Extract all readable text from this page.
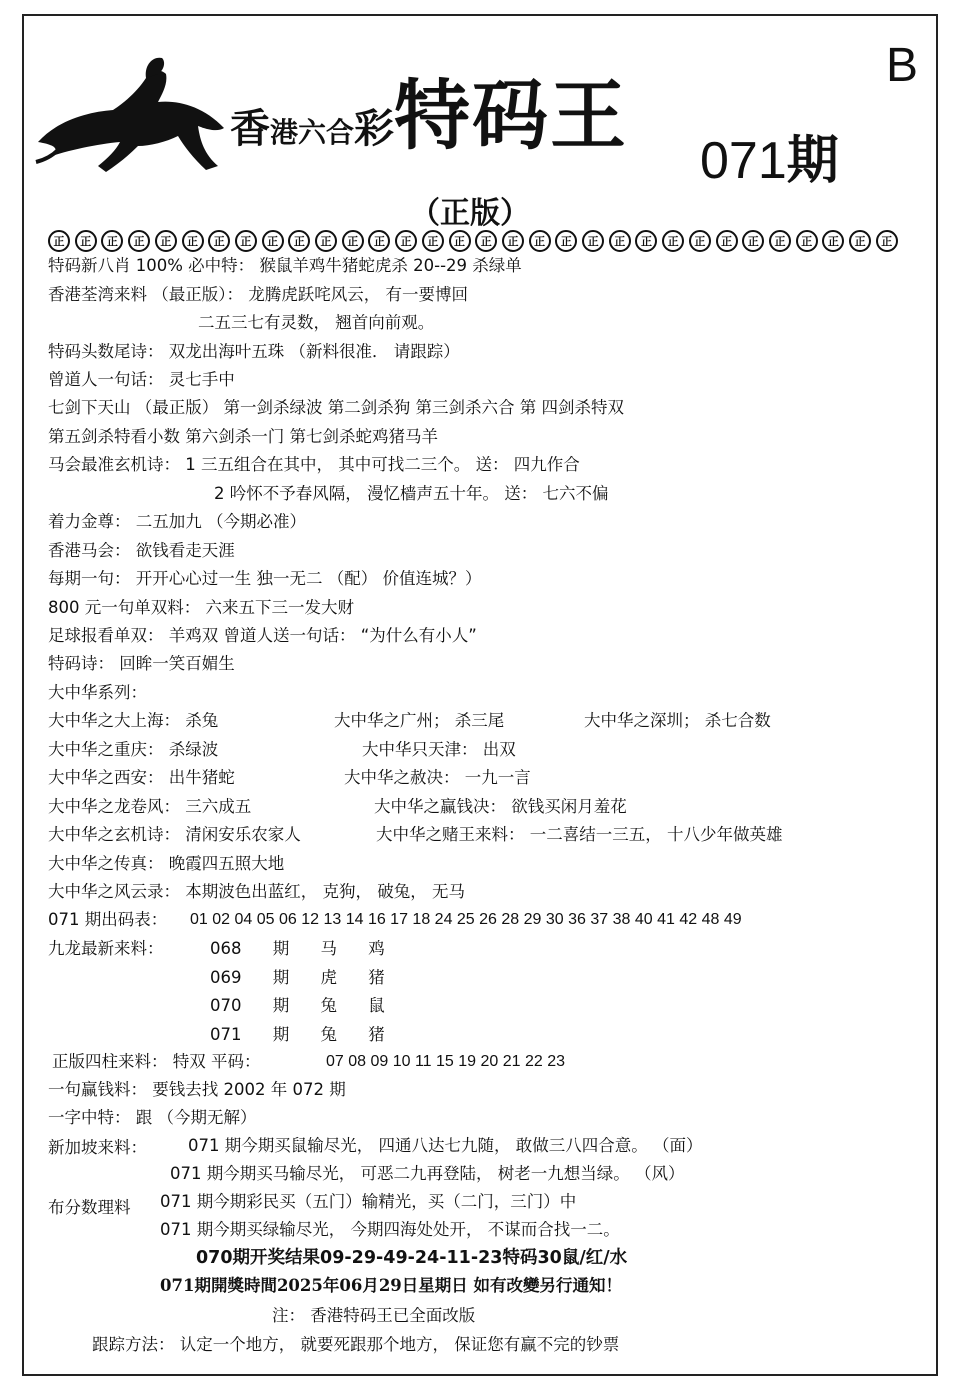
香港六合彩特码王
071期
B
（正版）
正	正	正	正	正	正	正	正	正	正	正	正	正	正	正	正	正	正	正	正	正	正	正	正	正	正	正	正	正	正	正	正
特码新八肖 100% 必中特： 猴鼠羊鸡牛猪蛇虎杀 20--29 杀绿单
香港荃湾来料 （最正版）： 龙腾虎跃咤风云， 有一要博回
二五三七有灵数， 翘首向前观。
特码头数尾诗： 双龙出海叶五珠 （新料很准． 请跟踪）
曾道人一句话： 灵七手中
七剑下天山 （最正版） 第一剑杀绿波 第二剑杀狗 第三剑杀六合 第 四剑杀特双
第五剑杀特看小数 第六剑杀一门 第七剑杀蛇鸡猪马羊
马会最准玄机诗： 1 三五组合在其中， 其中可找二三个。 送： 四九作合
2 吟怀不予春风隔， 漫忆樯声五十年。 送： 七六不偏
着力金尊： 二五加九 （今期必准）
香港马会： 欲钱看走天涯
每期一句： 开开心心过一生 独一无二 （配） 价值连城？）
800 元一句单双料： 六来五下三一发大财
足球报看单双： 羊鸡双 曾道人送一句话： “为什么有小人”
特码诗： 回眸一笑百媚生
大中华系列：
大中华之大上海： 杀兔	大中华之广州； 杀三尾	大中华之深圳； 杀七合数
大中华之重庆： 杀绿波	大中华只天津： 出双
大中华之西安： 出牛猪蛇	大中华之赦决： 一九一言
大中华之龙卷风： 三六成五	大中华之赢钱决： 欲钱买闲月羞花
大中华之玄机诗： 清闲安乐农家人	大中华之赌王来料： 一二喜结一三五， 十八少年做英雄
大中华之传真： 晚霞四五照大地
大中华之风云录： 本期波色出蓝红， 克狗， 破兔， 无马
071 期出码表： 01 02 04 05 06 12 13 14 16 17 18 24 25 26 28 29 30 36 37 38 40 41 42 48 49
九龙最新来料：	068 期 马 鸡
069 期 虎 猪
070 期 兔 鼠
071 期 兔 猪
正版四柱来料： 特双 平码：	07 08 09 10 11 15 19 20 21 22 23
一句赢钱料： 要钱去找 2002 年 072 期
一字中特： 跟 （今期无解）
新加坡来料： 071 期今期买鼠输尽光， 四通八达七九随， 敢做三八四合意。 （面）
071 期今期买马输尽光， 可恶二九再登陆， 树老一九想当绿。 （风）
布分数理料 071 期今期彩民买（五门）输精光，买（二门，三门）中
071 期今期买绿输尽光， 今期四海处处开， 不谋而合找一二。
070期开奖结果09-29-49-24-11-23特码30鼠/红/水
071期開獎時間2025年06月29日星期日 如有改變另行通知！
注： 香港特码王已全面改版
跟踪方法： 认定一个地方， 就要死跟那个地方， 保证您有赢不完的钞票
